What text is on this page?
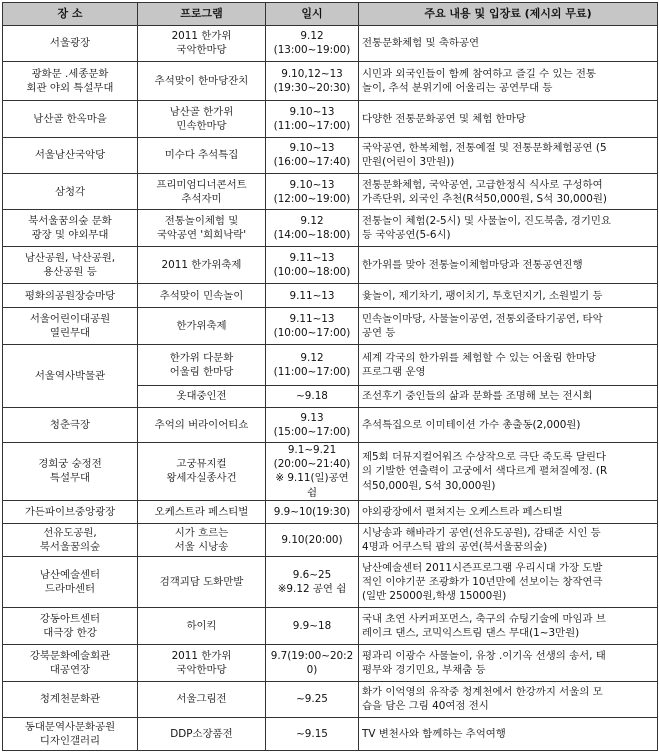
장 소	프로그램	일시	주요 내용 및 입장료 (제시외 무료)

서울광장	2011 한가위
국악한마당	9.12
(13:00~19:00)	전통문화체험 및 축하공연

광화문 .세종문화
회관 야외 특설무대	추석맞이 한마당잔치	9.10,12~13
(19:30~20:30)	시민과 외국인들이 함께 참여하고 즐길 수 있는 전통
놀이, 추석 분위기에 어울리는 공연무대 등

남산골 한옥마을	남산골 한가위
민속한마당	9.10~13
(11:00~17:00)	다양한 전통문화공연 및 체험 한마당

서울남산국악당	미수다 추석특집	9.10~13
(16:00~17:40)	국악공연, 한복체험, 전통예절 및 전통문화체험공연 (5
만원(어린이 3만원))

삼청각	프리미엄디너콘서트
추석자미	9.10~13
(12:00~19:00)	전통문화체험, 국악공연, 고급한정식 식사로 구성하여
가족단위, 외국인 추천(R석50,000원, S석 30,000원)

북서울꿈의숲 문화
광장 및 야외무대	전통놀이체험 및
국악공연 '희희낙락'	9.12
(14:00~18:00)	전통놀이 체험(2-5시) 및 사물놀이, 진도북춤, 경기민요
등 국악공연(5-6시)

남산공원, 낙산공원,
용산공원 등	2011 한가위축제	9.11~13
(10:00~18:00)	한가위를 맞아 전통놀이체험마당과 전통공연진행

평화의공원장승마당	추석맞이 민속놀이	9.11~13	윷놀이, 제기차기, 팽이치기, 투호던지기, 소원빌기 등

서울어린이대공원
열린무대	한가위축제	9.11~13
(10:00~17:00)	민속놀이마당, 사물놀이공연, 전통외줄타기공연, 타악
공연 등

서울역사박물관	한가위 다문화
어울림 한마당	9.12
(11:00~17:00)	세계 각국의 한가위를 체험할 수 있는 어울림 한마당
프로그램 운영

	옷대중인전	~9.18	조선후기 중인들의 삶과 문화를 조명해 보는 전시회

청춘극장	추억의 버라이어티쇼	9.13
(15:00~17:00)	추석특집으로 이미테이션 가수 총출동(2,000원)

경희궁 숭정전
특설무대	고궁뮤지컬
왕세자실종사건	9.1~9.21
(20:00~21:40)
※ 9.11(일)공연 쉼	제5회 더뮤지컬어워즈 수상작으로 극단 죽도록 달린다
의 기발한 연출력이 고궁에서 색다르게 펼쳐질예정. (R
석50,000원, S석 30,000원)

가든파이브중앙광장	오케스트라 페스티벌	9.9~10(19:30)	야외광장에서 펼쳐지는 오케스트라 페스티벌

선유도공원,
북서울꿈의숲	시가 흐르는
서울 시낭송	9.10(20:00)	시낭송과 해바라기 공연(선유도공원), 감태준 시인 등
4명과 어쿠스틱 팝의 공연(북서울꿈의숲)

남산예술센터
드라마센터	검객괴담 도화만발	9.6~25
※9.12 공연 쉼	남산예술센터 2011시즌프로그램 우리시대 가장 도발
적인 이야기꾼 조광화가 10년만에 선보이는 창작연극
(일반 25000원,학생 15000원)

강동아트센터
대극장 한강	하이킥	9.9~18	국내 초연 사커퍼포먼스, 축구의 슈팅기술에 마임과 브
레이크 댄스, 코믹익스트림 댄스 무대(1~3만원)

강북문화예술회관
대공연장	2011 한가위
국악한마당	9.7(19:00~20:20)	평과리 이광수 사물놀이, 유창 .이기옥 선생의 송서, 태
평무와 경기민요, 부채춤 등

청계천문화관	서울그림전	~9.25	화가 이억영의 유작중 청계천에서 한강까지 서울의 모
습을 담은 그림 40여점 전시

동대문역사문화공원
디자인갤러리	DDP소장품전	~9.15	TV 변천사와 함께하는 추억여행
